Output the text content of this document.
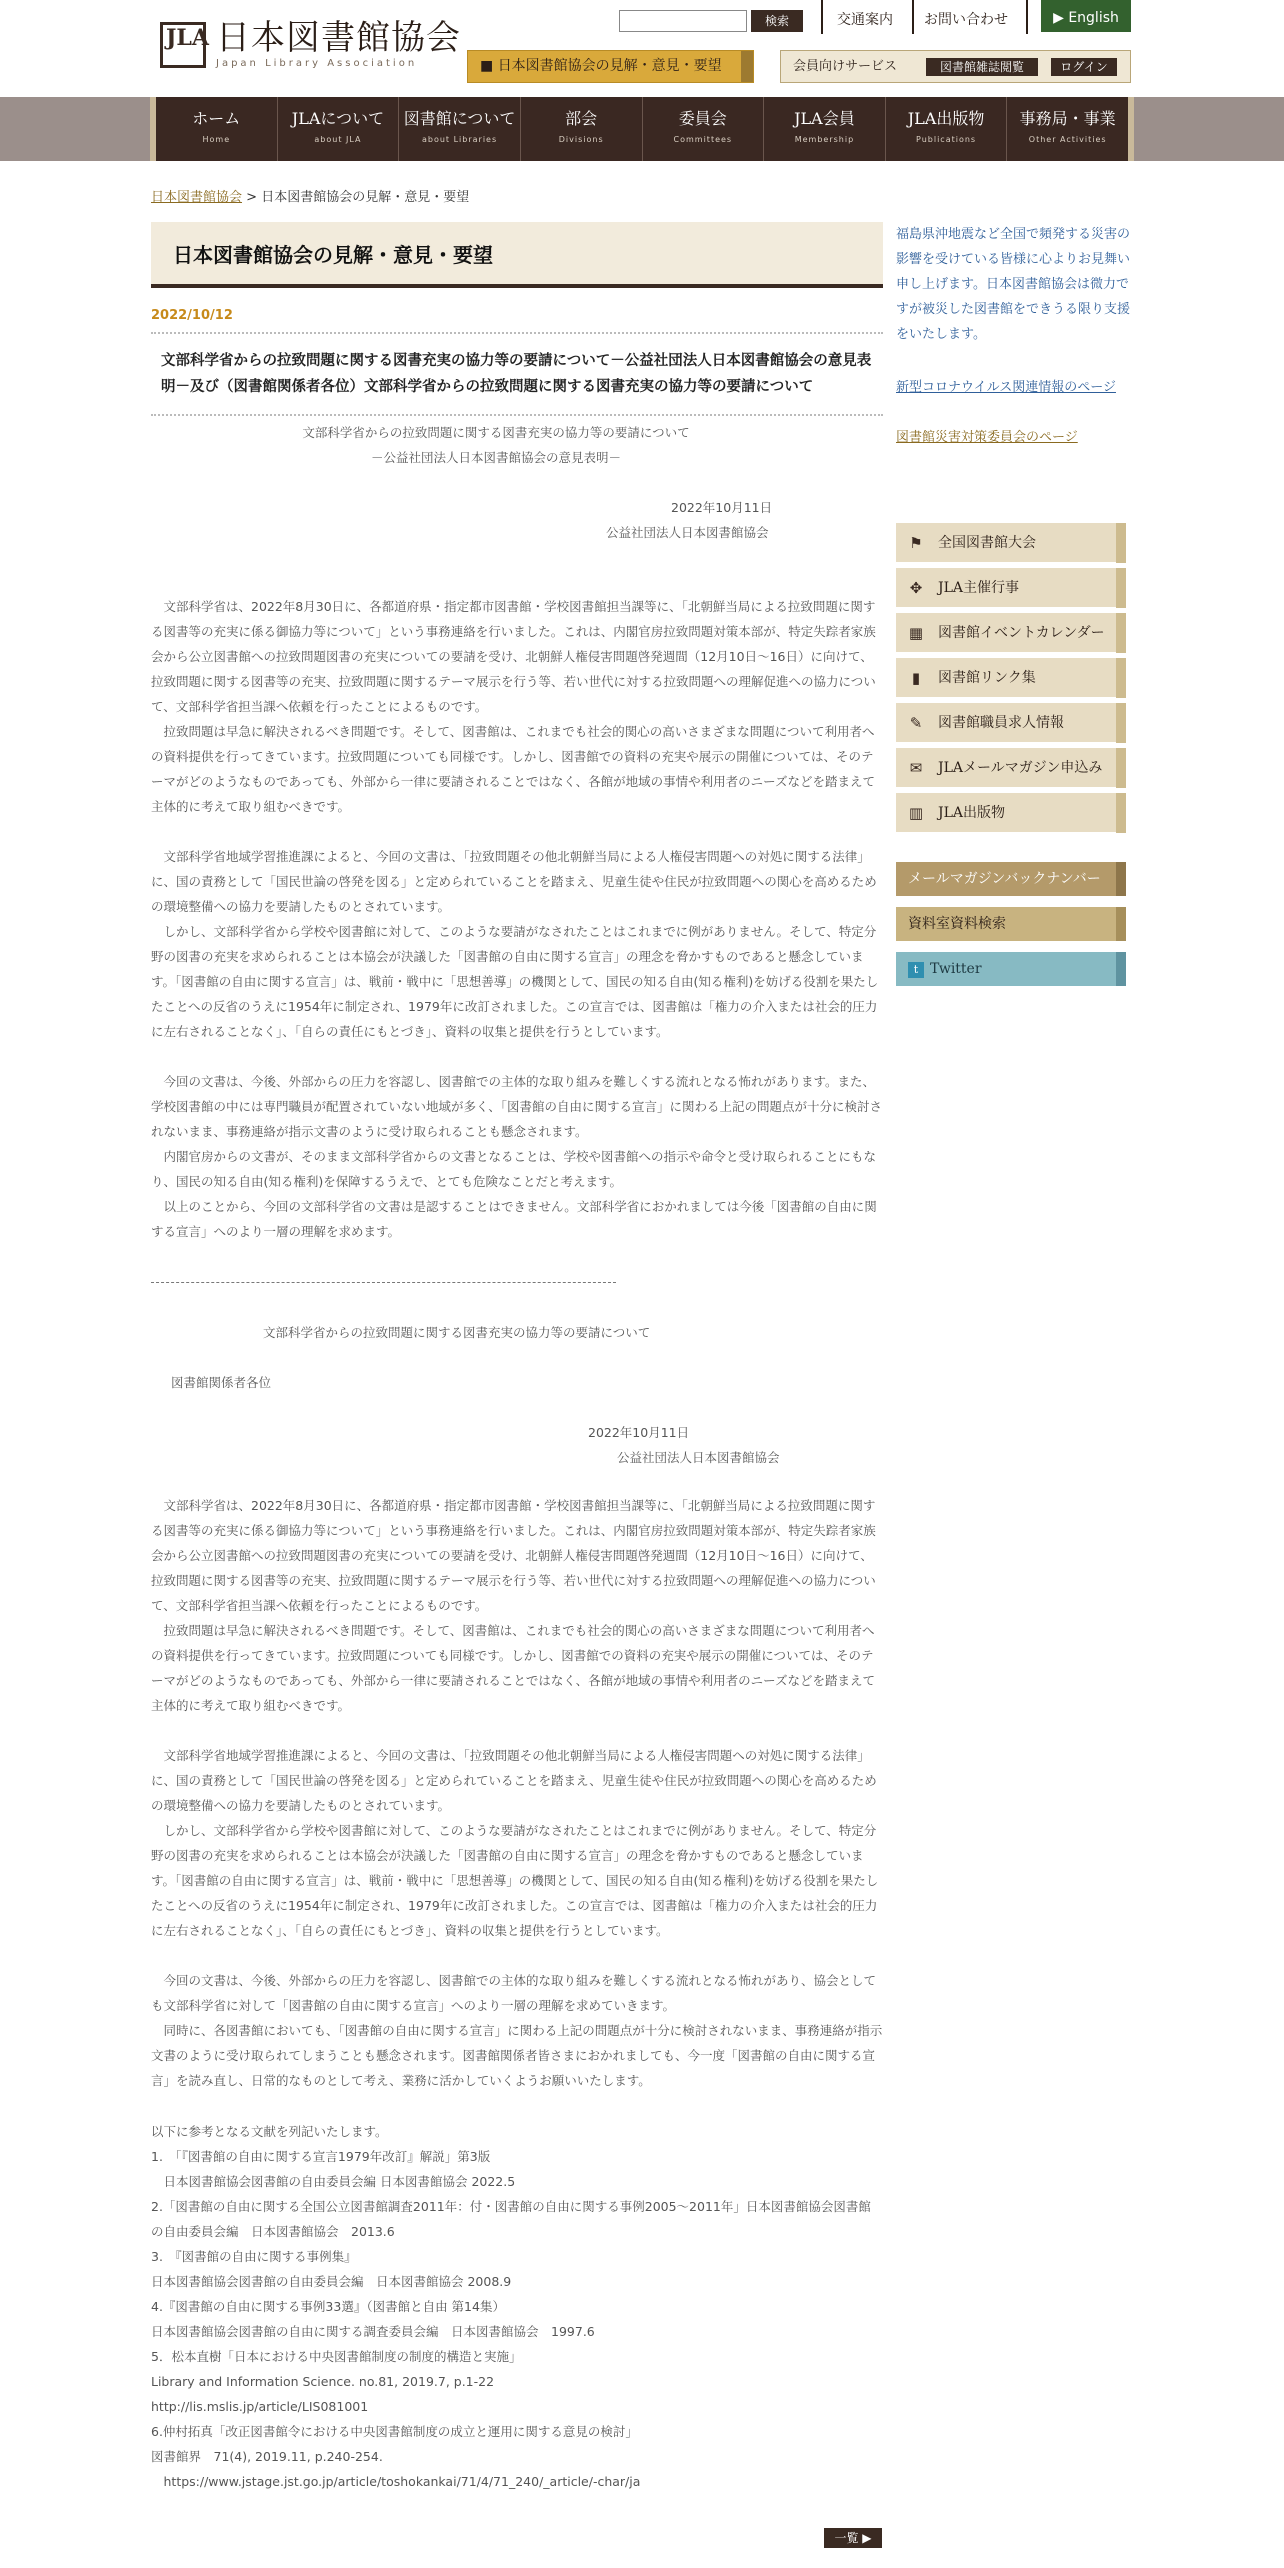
JLA 日本図書館協会
Japan Library Association
検索	交通案内 お問い合わせ	▶ English
■ 日本図書館協会の見解・意見・要望	会員向けサービス	図書館雑誌閲覧	ログイン
ホーム
Home
JLAについて
about JLA
図書館について
about Libraries
部会
Divisions
委員会
Committees
JLA会員
Membership
JLA出版物
Publications
事務局・事業
Other Activities
日本図書館協会 > 日本図書館協会の見解・意見・要望
日本図書館協会の見解・意見・要望
2022/10/12
文部科学省からの拉致問題に関する図書充実の協力等の要請について－公益社団法人日本図書館協会の意見表明－及び（図書館関係者各位）文部科学省からの拉致問題に関する図書充実の協力等の要請について
文部科学省からの拉致問題に関する図書充実の協力等の要請について
－公益社団法人日本図書館協会の意見表明－
2022年10月11日
公益社団法人日本図書館協会

文部科学省は、2022年8月30日に、各都道府県・指定都市図書館・学校図書館担当課等に、「北朝鮮当局による拉致問題に関する図書等の充実に係る御協力等について」という事務連絡を行いました。これは、内閣官房拉致問題対策本部が、特定失踪者家族会から公立図書館への拉致問題図書の充実についての要請を受け、北朝鮮人権侵害問題啓発週間（12月10日～16日）に向けて、拉致問題に関する図書等の充実、拉致問題に関するテーマ展示を行う等、若い世代に対する拉致問題への理解促進への協力について、文部科学省担当課へ依頼を行ったことによるものです。

拉致問題は早急に解決されるべき問題です。そして、図書館は、これまでも社会的関心の高いさまざまな問題について利用者への資料提供を行ってきています。拉致問題についても同様です。しかし、図書館での資料の充実や展示の開催については、そのテーマがどのようなものであっても、外部から一律に要請されることではなく、各館が地域の事情や利用者のニーズなどを踏まえて主体的に考えて取り組むべきです。

文部科学省地域学習推進課によると、今回の文書は、「拉致問題その他北朝鮮当局による人権侵害問題への対処に関する法律」に、国の責務として「国民世論の啓発を図る」と定められていることを踏まえ、児童生徒や住民が拉致問題への関心を高めるための環境整備への協力を要請したものとされています。

しかし、文部科学省から学校や図書館に対して、このような要請がなされたことはこれまでに例がありません。そして、特定分野の図書の充実を求められることは本協会が決議した「図書館の自由に関する宣言」の理念を脅かすものであると懸念しています。「図書館の自由に関する宣言」は、戦前・戦中に「思想善導」の機関として、国民の知る自由(知る権利)を妨げる役割を果たしたことへの反省のうえに1954年に制定され、1979年に改訂されました。この宣言では、図書館は「権力の介入または社会的圧力に左右されることなく」、「自らの責任にもとづき」、資料の収集と提供を行うとしています。

今回の文書は、今後、外部からの圧力を容認し、図書館での主体的な取り組みを難しくする流れとなる怖れがあります。また、学校図書館の中には専門職員が配置されていない地域が多く、「図書館の自由に関する宣言」に関わる上記の問題点が十分に検討されないまま、事務連絡が指示文書のように受け取られることも懸念されます。

内閣官房からの文書が、そのまま文部科学省からの文書となることは、学校や図書館への指示や命令と受け取られることにもなり、国民の知る自由(知る権利)を保障するうえで、とても危険なことだと考えます。

以上のことから、今回の文部科学省の文書は是認することはできません。文部科学省におかれましては今後「図書館の自由に関する宣言」へのより一層の理解を求めます。

文部科学省からの拉致問題に関する図書充実の協力等の要請について
図書館関係者各位
2022年10月11日
公益社団法人日本図書館協会

文部科学省は、2022年8月30日に、各都道府県・指定都市図書館・学校図書館担当課等に、「北朝鮮当局による拉致問題に関する図書等の充実に係る御協力等について」という事務連絡を行いました。これは、内閣官房拉致問題対策本部が、特定失踪者家族会から公立図書館への拉致問題図書の充実についての要請を受け、北朝鮮人権侵害問題啓発週間（12月10日～16日）に向けて、拉致問題に関する図書等の充実、拉致問題に関するテーマ展示を行う等、若い世代に対する拉致問題への理解促進への協力について、文部科学省担当課へ依頼を行ったことによるものです。

拉致問題は早急に解決されるべき問題です。そして、図書館は、これまでも社会的関心の高いさまざまな問題について利用者への資料提供を行ってきています。拉致問題についても同様です。しかし、図書館での資料の充実や展示の開催については、そのテーマがどのようなものであっても、外部から一律に要請されることではなく、各館が地域の事情や利用者のニーズなどを踏まえて主体的に考えて取り組むべきです。

文部科学省地域学習推進課によると、今回の文書は、「拉致問題その他北朝鮮当局による人権侵害問題への対処に関する法律」に、国の責務として「国民世論の啓発を図る」と定められていることを踏まえ、児童生徒や住民が拉致問題への関心を高めるための環境整備への協力を要請したものとされています。

しかし、文部科学省から学校や図書館に対して、このような要請がなされたことはこれまでに例がありません。そして、特定分野の図書の充実を求められることは本協会が決議した「図書館の自由に関する宣言」の理念を脅かすものであると懸念しています。「図書館の自由に関する宣言」は、戦前・戦中に「思想善導」の機関として、国民の知る自由(知る権利)を妨げる役割を果たしたことへの反省のうえに1954年に制定され、1979年に改訂されました。この宣言では、図書館は「権力の介入または社会的圧力に左右されることなく」、「自らの責任にもとづき」、資料の収集と提供を行うとしています。

今回の文書は、今後、外部からの圧力を容認し、図書館での主体的な取り組みを難しくする流れとなる怖れがあり、協会としても文部科学省に対して「図書館の自由に関する宣言」へのより一層の理解を求めていきます。

同時に、各図書館においても、「図書館の自由に関する宣言」に関わる上記の問題点が十分に検討されないまま、事務連絡が指示文書のように受け取られてしまうことも懸念されます。図書館関係者皆さまにおかれましても、今一度「図書館の自由に関する宣言」を読み直し、日常的なものとして考え、業務に活かしていくようお願いいたします。

以下に参考となる文献を列記いたします。
1.　「『図書館の自由に関する宣言1979年改訂』解説」第3版
　日本図書館協会図書館の自由委員会編 日本図書館協会 2022.5
2.「図書館の自由に関する全国公立図書館調査2011年：付・図書館の自由に関する事例2005～2011年」日本図書館協会図書館の自由委員会編　日本図書館協会　2013.6
3.　『図書館の自由に関する事例集』
日本図書館協会図書館の自由委員会編　日本図書館協会 2008.9
4.『図書館の自由に関する事例33選』（図書館と自由 第14集）
日本図書館協会図書館の自由に関する調査委員会編　日本図書館協会　1997.6
5．松本直樹「日本における中央図書館制度の制度的構造と実施」
Library and Information Science. no.81, 2019.7, p.1-22
http://lis.mslis.jp/article/LIS081001
6.仲村拓真「改正図書館令における中央図書館制度の成立と運用に関する意見の検討」
図書館界　71(4), 2019.11, p.240-254.
　https://www.jstage.jst.go.jp/article/toshokankai/71/4/71_240/_article/-char/ja
一覧 ▶
福島県沖地震など全国で頻発する災害の影響を受けている皆様に心よりお見舞い申し上げます。日本図書館協会は微力ですが被災した図書館をできうる限り支援をいたします。
新型コロナウイルス関連情報のページ
図書館災害対策委員会のページ
⚑ 全国図書館大会
✥ JLA主催行事
▦ 図書館イベントカレンダー
▮	図書館リンク集
✎ 図書館職員求人情報
✉ JLAメールマガジン申込み
▥ JLA出版物
メールマガジンバックナンバー
資料室資料検索
t Twitter
